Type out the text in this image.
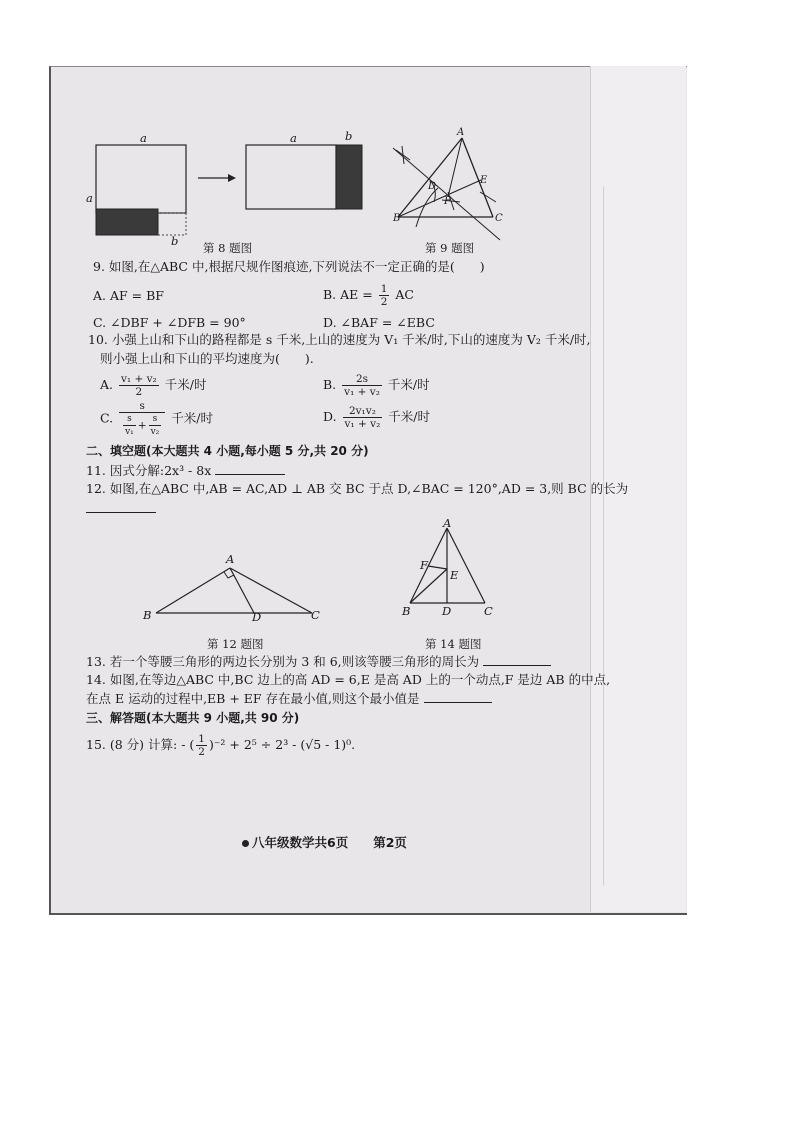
a
a
a	b
b 第 8 题图
A
E
D
F
B	C
第 9 题图
9. 如图,在△ABC 中,根据尺规作图痕迹,下列说法不一定正确的是(　　)
A. AF = BF	B. AE = $\frac{1}{2}$ AC
C. ∠DBF + ∠DFB = 90°	D. ∠BAF = ∠EBC
10. 小强上山和下山的路程都是 s 千米,上山的速度为 V₁ 千米/时,下山的速度为 V₂ 千米/时,
则小强上山和下山的平均速度为(　　).
A. $\frac{\text{v₁ + v₂}}{2}$ 千米/时	B. $\frac{2s}{\text{v₁ + v₂}}$ 千米/时
C. $\frac{s}{\frac{s}{\text{v₁}} + \frac{s}{\text{v₂}}}$ 千米/时	D. $\frac{\text{2v₁v₂}}{\text{v₁ + v₂}}$ 千米/时
二、填空题(本大题共 4 小题,每小题 5 分,共 20 分)
11. 因式分解:2x³ - 8x
12. 如图,在△ABC 中,AB = AC,AD ⊥ AB 交 BC 于点 D,∠BAC = 120°,AD = 3,则 BC 的长为
A
B	D	C
第 12 题图
A
F
E
B	D	C
第 14 题图
13. 若一个等腰三角形的两边长分别为 3 和 6,则该等腰三角形的周长为
14. 如图,在等边△ABC 中,BC 边上的高 AD = 6,E 是高 AD 上的一个动点,F 是边 AB 的中点,
在点 E 运动的过程中,EB + EF 存在最小值,则这个最小值是
三、解答题(本大题共 9 小题,共 90 分)
15. (8 分) 计算: - ( $\frac{1}{2} )^{-2} + 2^5 \div 2^3 - (√5 - 1)^0$.
八年级数学共6页　　 第2页
